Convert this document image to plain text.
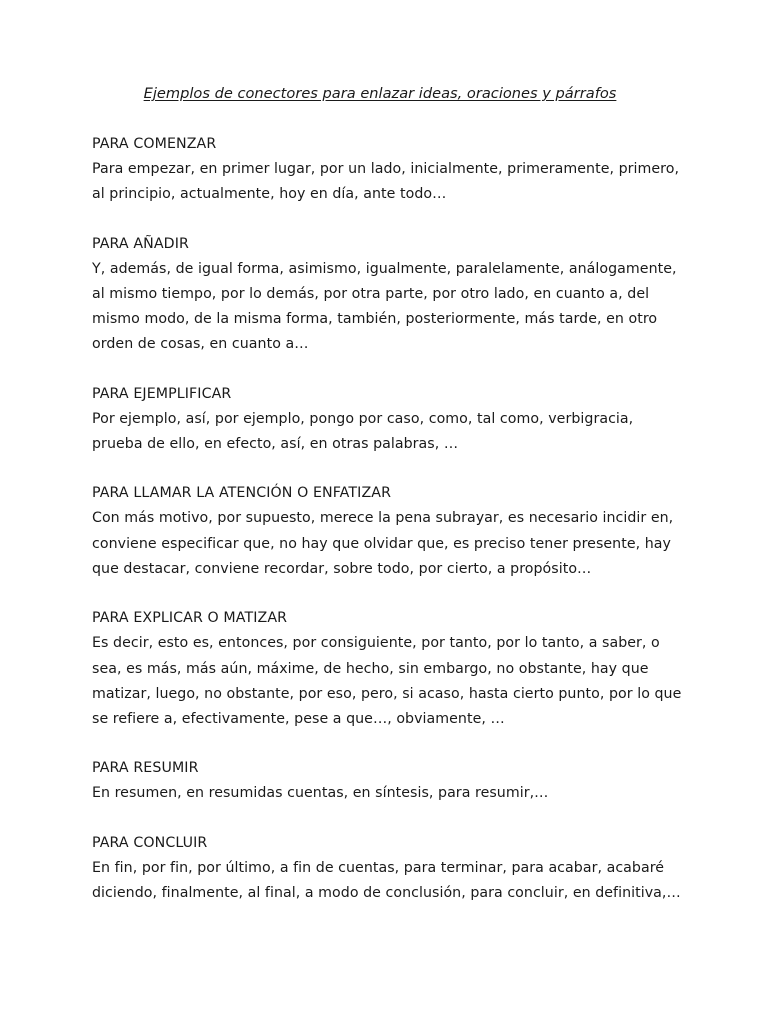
Ejemplos de conectores para enlazar ideas, oraciones y párrafos

PARA COMENZAR

Para empezar, en primer lugar, por un lado, inicialmente, primeramente, primero, al principio, actualmente, hoy en día, ante todo…

PARA AÑADIR

Y, además, de igual forma, asimismo, igualmente, paralelamente, análogamente, al mismo tiempo, por lo demás, por otra parte, por otro lado, en cuanto a, del mismo modo, de la misma forma, también, posteriormente, más tarde, en otro orden de cosas, en cuanto a…

PARA EJEMPLIFICAR

Por ejemplo, así, por ejemplo, pongo por caso, como, tal como, verbigracia, prueba de ello, en efecto, así, en otras palabras, …

PARA LLAMAR LA ATENCIÓN O ENFATIZAR

Con más motivo, por supuesto, merece la pena subrayar, es necesario incidir en, conviene especificar que, no hay que olvidar que, es preciso tener presente, hay que destacar, conviene recordar, sobre todo, por cierto, a propósito…

PARA EXPLICAR O MATIZAR

Es decir, esto es, entonces, por consiguiente, por tanto, por lo tanto, a saber, o sea, es más, más aún, máxime, de hecho, sin embargo, no obstante, hay que matizar, luego, no obstante, por eso, pero, si acaso, hasta cierto punto, por lo que se refiere a, efectivamente, pese a que…, obviamente, …

PARA RESUMIR

En resumen, en resumidas cuentas, en síntesis, para resumir,…

PARA CONCLUIR

En fin, por fin, por último, a fin de cuentas, para terminar, para acabar, acabaré diciendo, finalmente, al final, a modo de conclusión, para concluir, en definitiva,…
